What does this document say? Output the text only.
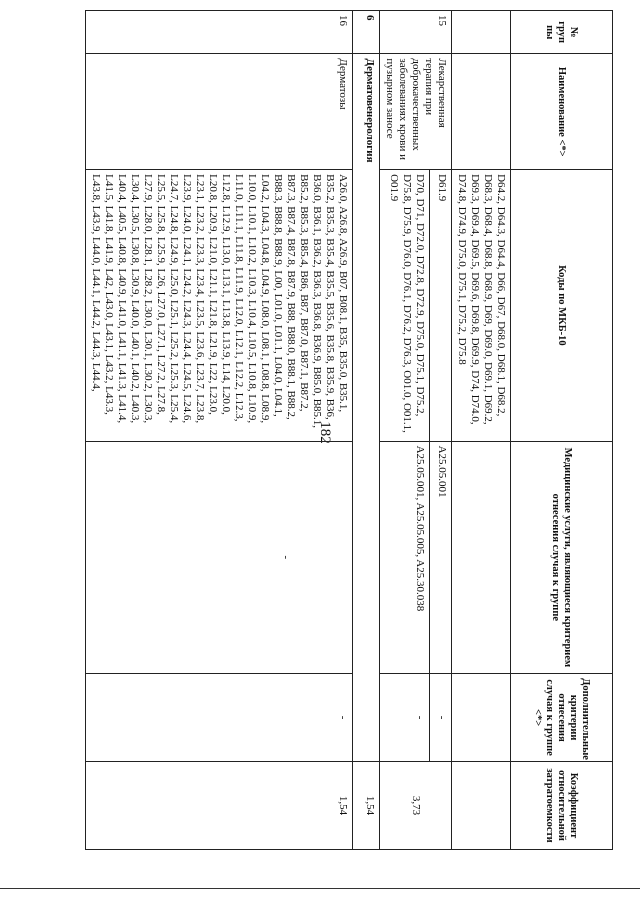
182
№ груп пы	Наименование <*>	Коды по МКБ-10	Медицинские услуги, являющиеся критерием отнесения случая к группе	Дополнительные критерии отнесения случая к группе <*>	Коэффициент относительной затратоемкости
		D64.2, D64.3, D64.4, D66, D67, D68.0, D68.1, D68.2, D68.3, D68.4, D68.8, D68.9, D69, D69.0, D69.1, D69.2, D69.3, D69.4, D69.5, D69.6, D69.8, D69.9, D74, D74.0, D74.8, D74.9, D75.0, D75.1, D75.2, D75.8			
15	Лекарственная терапия при доброкачественных заболеваниях крови и пузырном заносе	D61.9	A25.05.001	-	3,73
		D70, D71, D72.0, D72.8, D72.9, D75.0, D75.1, D75.2, D75.8, D75.9, D76.0, D76.1, D76.2, D76.3, O01.0, O01.1, O01.9	A25.05.001, A25.05.005, A25.30.038	-	
6	Дерматовенерология				1,54
16	Дерматозы	A26.0, A26.8, A26.9, B07, B08.1, B35, B35.0, B35.1, B35.2, B35.3, B35.4, B35.5, B35.6, B35.8, B35.9, B36, B36.0, B36.1, B36.2, B36.3, B36.8, B36.9, B85.0, B85.1, B85.2, B85.3, B85.4, B86, B87, B87.0, B87.1, B87.2, B87.3, B87.4, B87.8, B87.9, B88, B88.0, B88.1, B88.2, B88.3, B88.8, B88.9, L00, L01.0, L01.1, L04.0, L04.1, L04.2, L04.3, L04.8, L04.9, L08.0, L08.1, L08.8, L08.9, L10.0, L10.1, L10.2, L10.3, L10.4, L10.5, L10.8, L10.9, L11.0, L11.1, L11.8, L11.9, L12.0, L12.1, L12.2, L12.3, L12.8, L12.9, L13.0, L13.1, L13.8, L13.9, L14, L20.0, L20.8, L20.9, L21.0, L21.1, L21.8, L21.9, L22, L23.0, L23.1, L23.2, L23.3, L23.4, L23.5, L23.6, L23.7, L23.8, L23.9, L24.0, L24.1, L24.2, L24.3, L24.4, L24.5, L24.6, L24.7, L24.8, L24.9, L25.0, L25.1, L25.2, L25.3, L25.4, L25.5, L25.8, L25.9, L26, L27.0, L27.1, L27.2, L27.8, L27.9, L28.0, L28.1, L28.2, L30.0, L30.1, L30.2, L30.3, L30.4, L30.5, L30.8, L30.9, L40.0, L40.1, L40.2, L40.3, L40.4, L40.5, L40.8, L40.9, L41.0, L41.1, L41.3, L41.4, L41.5, L41.8, L41.9, L42, L43.0, L43.1, L43.2, L43.3, L43.8, L43.9, L44.0, L44.1, L44.2, L44.3, L44.4,	-	-	1,54
